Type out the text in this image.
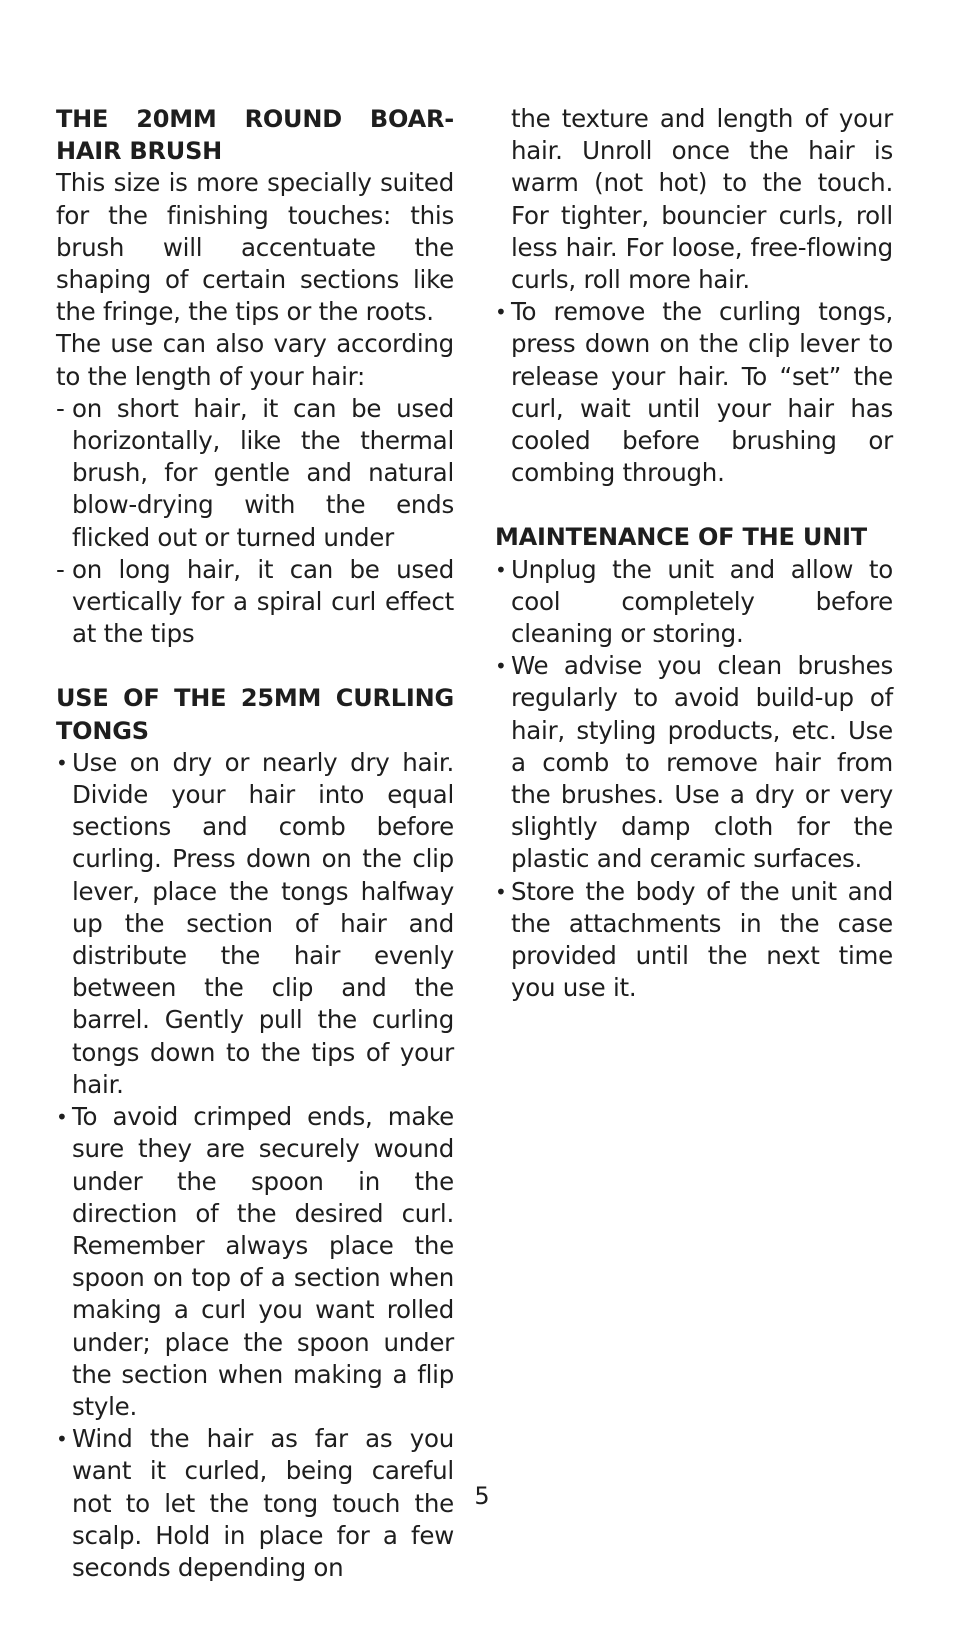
THE 20MM ROUND BOAR-HAIR BRUSH

This size is more specially suited for the finishing touches: this brush will accentuate the shaping of certain sections like the fringe, the tips or the roots.

The use can also vary according to the length of your hair:

- on short hair, it can be used horizontally, like the thermal brush, for gentle and natural blow-drying with the ends flicked out or turned under
- on long hair, it can be used vertically for a spiral curl effect at the tips
USE OF THE 25MM CURLING TONGS
• Use on dry or nearly dry hair. Divide your hair into equal sections and comb before curling. Press down on the clip lever, place the tongs halfway up the section of hair and distribute the hair evenly between the clip and the barrel. Gently pull the curling tongs down to the tips of your hair.
• To avoid crimped ends, make sure they are securely wound under the spoon in the direction of the desired curl. Remember always place the spoon on top of a section when making a curl you want rolled under; place the spoon under the section when making a flip style.
• Wind the hair as far as you want it curled, being careful not to let the tong touch the scalp. Hold in place for a few seconds depending on

the texture and length of your hair. Unroll once the hair is warm (not hot) to the touch. For tighter, bouncier curls, roll less hair. For loose, free-flowing curls, roll more hair.

• To remove the curling tongs, press down on the clip lever to release your hair. To “set” the curl, wait until your hair has cooled before brushing or combing through.
MAINTENANCE OF THE UNIT
• Unplug the unit and allow to cool completely before cleaning or storing.
• We advise you clean brushes regularly to avoid build-up of hair, styling products, etc. Use a comb to remove hair from the brushes. Use a dry or very slightly damp cloth for the plastic and ceramic surfaces.
• Store the body of the unit and the attachments in the case provided until the next time you use it.
5
